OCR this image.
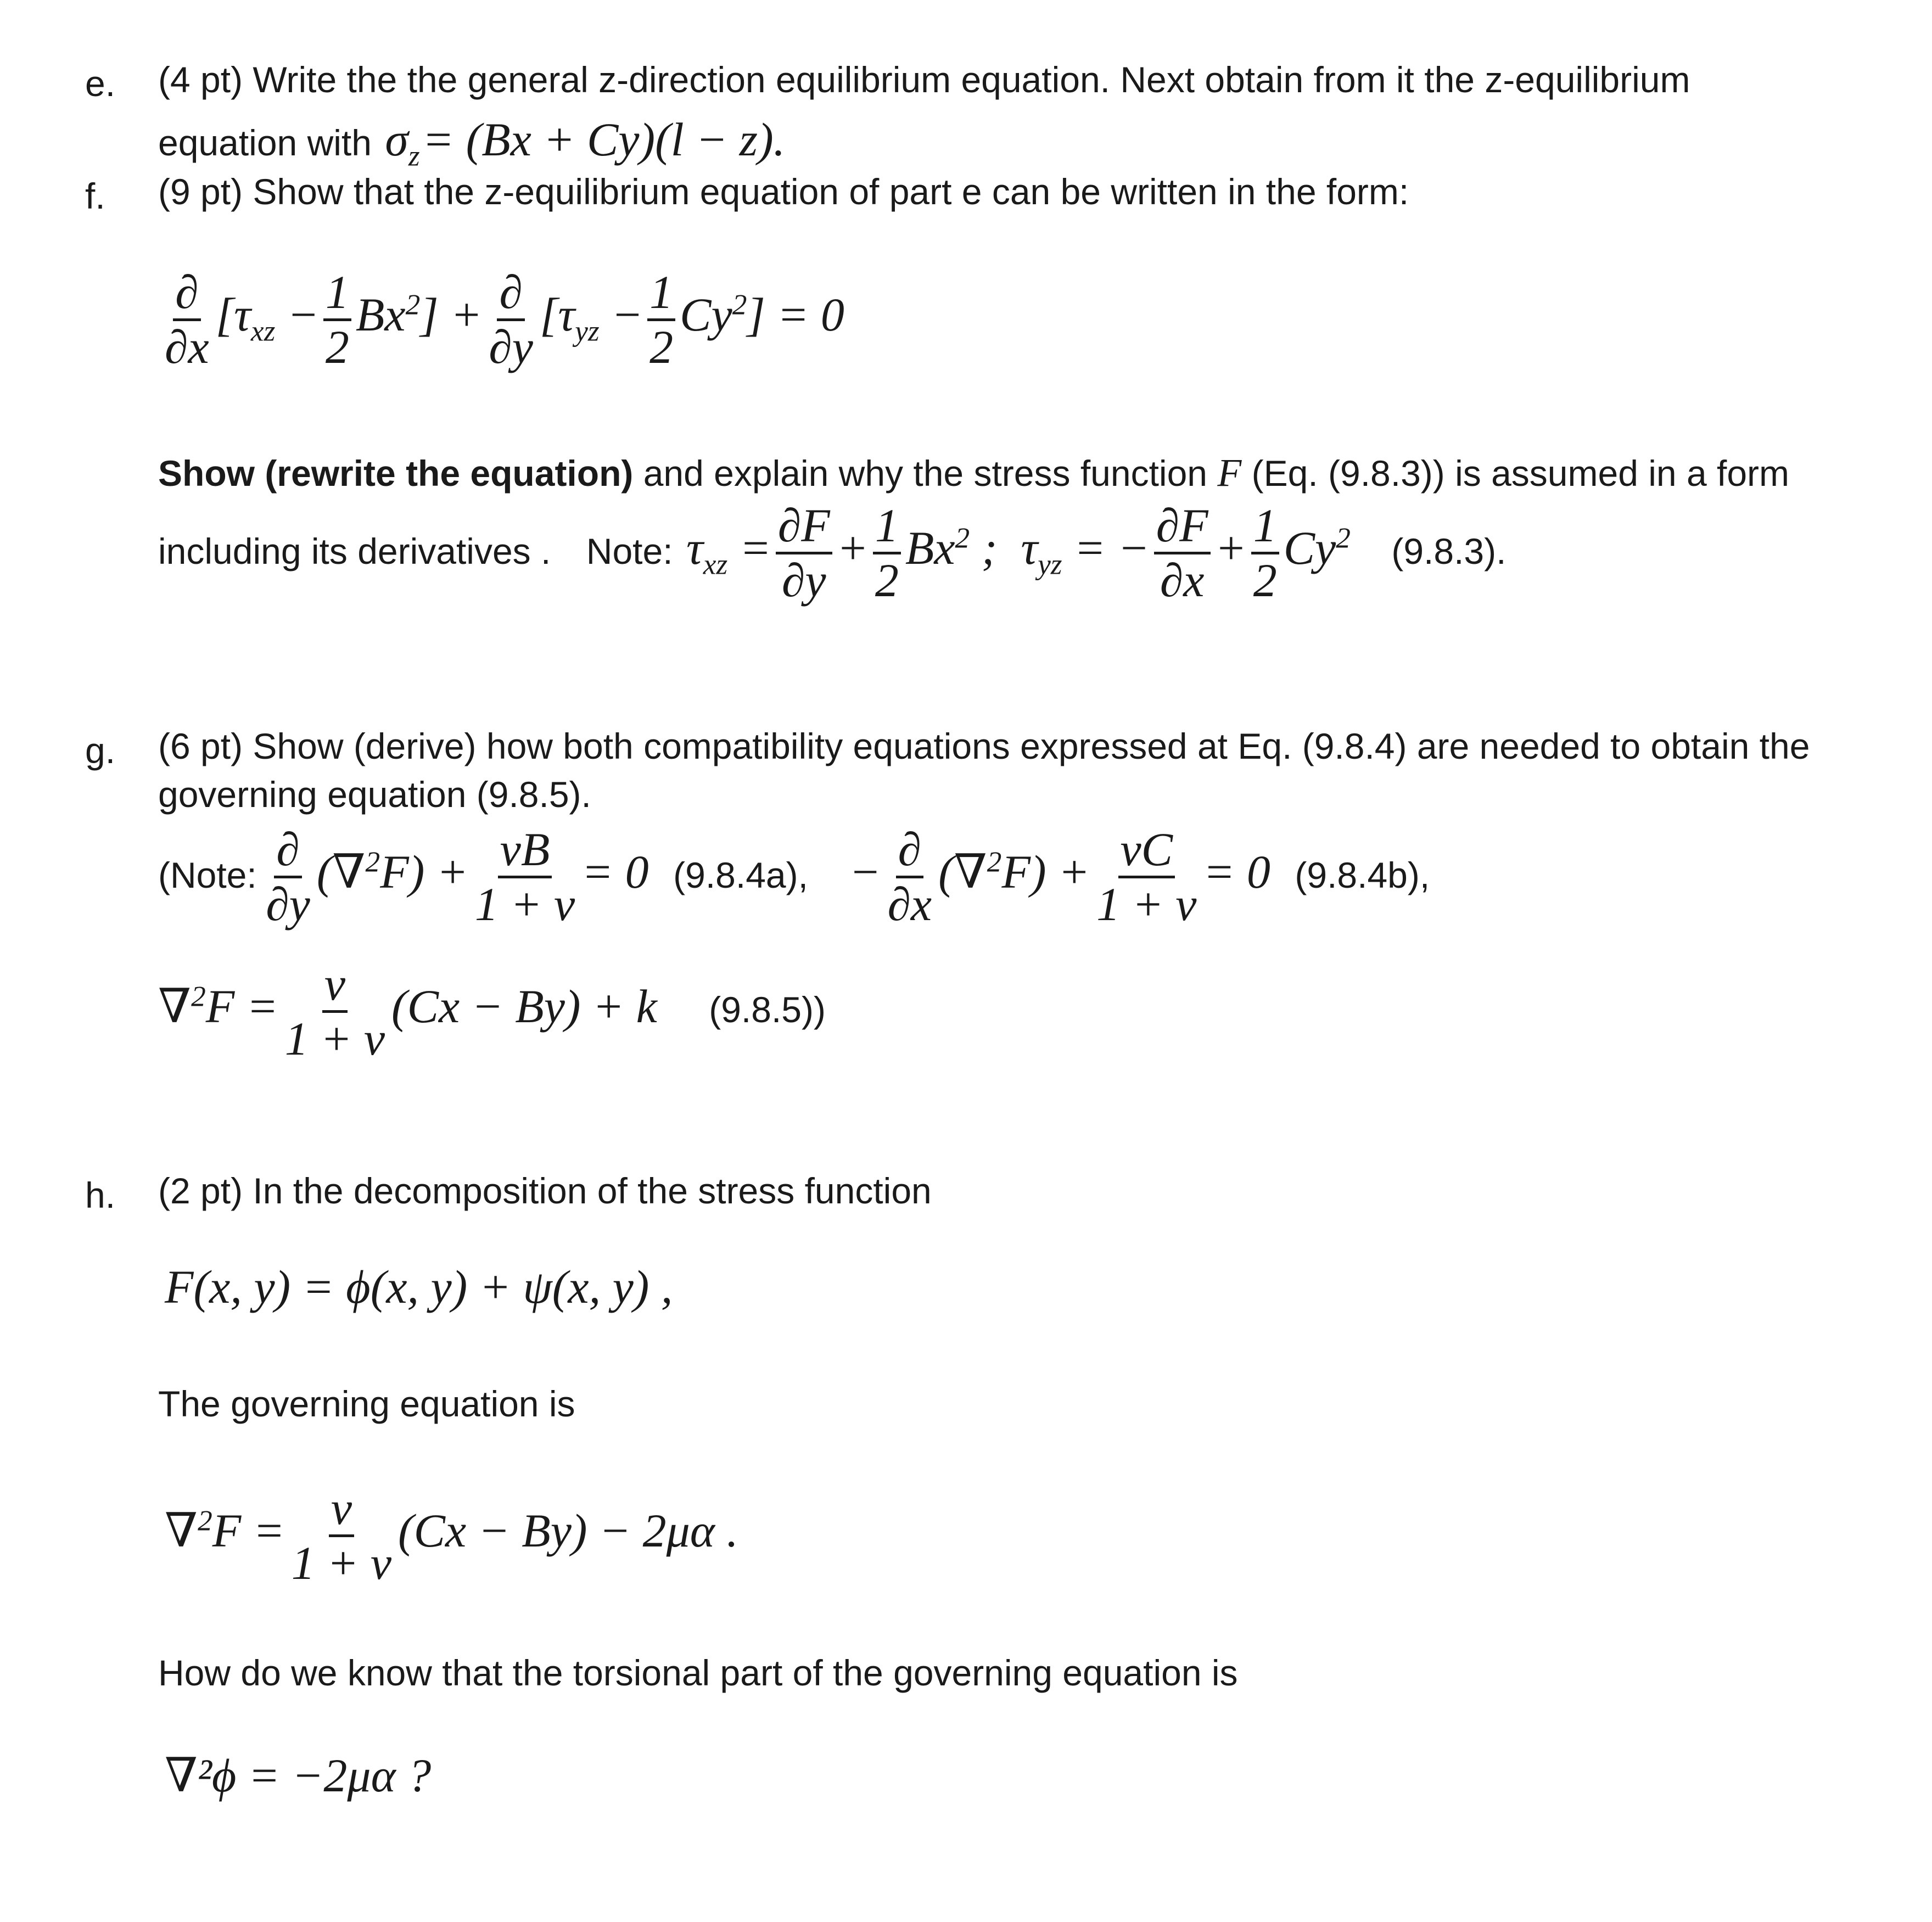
e. (4 pt) Write the the general z-direction equilibrium equation. Next obtain from it the z-equilibrium
equation with $\sigma_z = (Bx + Cy)(l - z)$.
f. (9 pt) Show that the z-equilibrium equation of part e can be written in the form:
$\frac{\partial}{\partial x} [\tau_{xz} - \frac{1}{2} Bx^2] + \frac{\partial}{\partial y} [\tau_{yz} - \frac{1}{2} Cy^2] = 0$
Show (rewrite the equation) and explain why the stress function F (Eq. (9.8.3)) is assumed in a form
including its derivatives . Note: $\tau_{xz} = \frac{\partial F}{\partial y} + \frac{1}{2} Bx^2$ ;  $\tau_{yz}$ = − $\frac{\partial F}{\partial x} + \frac{1}{2} Cy^2$ (9.8.3).
g. (6 pt) Show (derive) how both compatibility equations expressed at Eq. (9.8.4) are needed to obtain the
governing equation (9.8.5).
(Note: $\frac{\partial}{\partial y} (\nabla^2F) + \frac{\nu B}{1 + \nu} = 0$ (9.8.4a), − $\frac{\partial}{\partial x} (\nabla^2F) + \frac{\nu C}{1 + \nu} = 0$ (9.8.4b),
$\nabla^2F = \frac{\nu}{1 + \nu} (Cx - By) + k$ (9.8.5))
h. (2 pt) In the decomposition of the stress function
F(x, y) = ϕ(x, y) + ψ(x, y) ,
The governing equation is
$\nabla^2F = \frac{\nu}{1 + \nu} (Cx - By) - 2\mu\alpha$ .
How do we know that the torsional part of the governing equation is
∇²ϕ = −2μα ?
